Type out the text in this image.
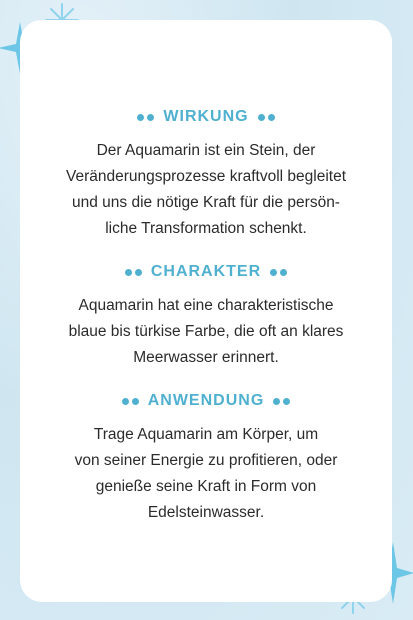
WIRKUNG
Der Aquamarin ist ein Stein, der
Veränderungsprozesse kraftvoll begleitet
und uns die nötige Kraft für die persön-
liche Transformation schenkt.
CHARAKTER
Aquamarin hat eine charakteristische
blaue bis türkise Farbe, die oft an klares
Meerwasser erinnert.
ANWENDUNG
Trage Aquamarin am Körper, um
von seiner Energie zu profitieren, oder
genieße seine Kraft in Form von
Edelsteinwasser.
